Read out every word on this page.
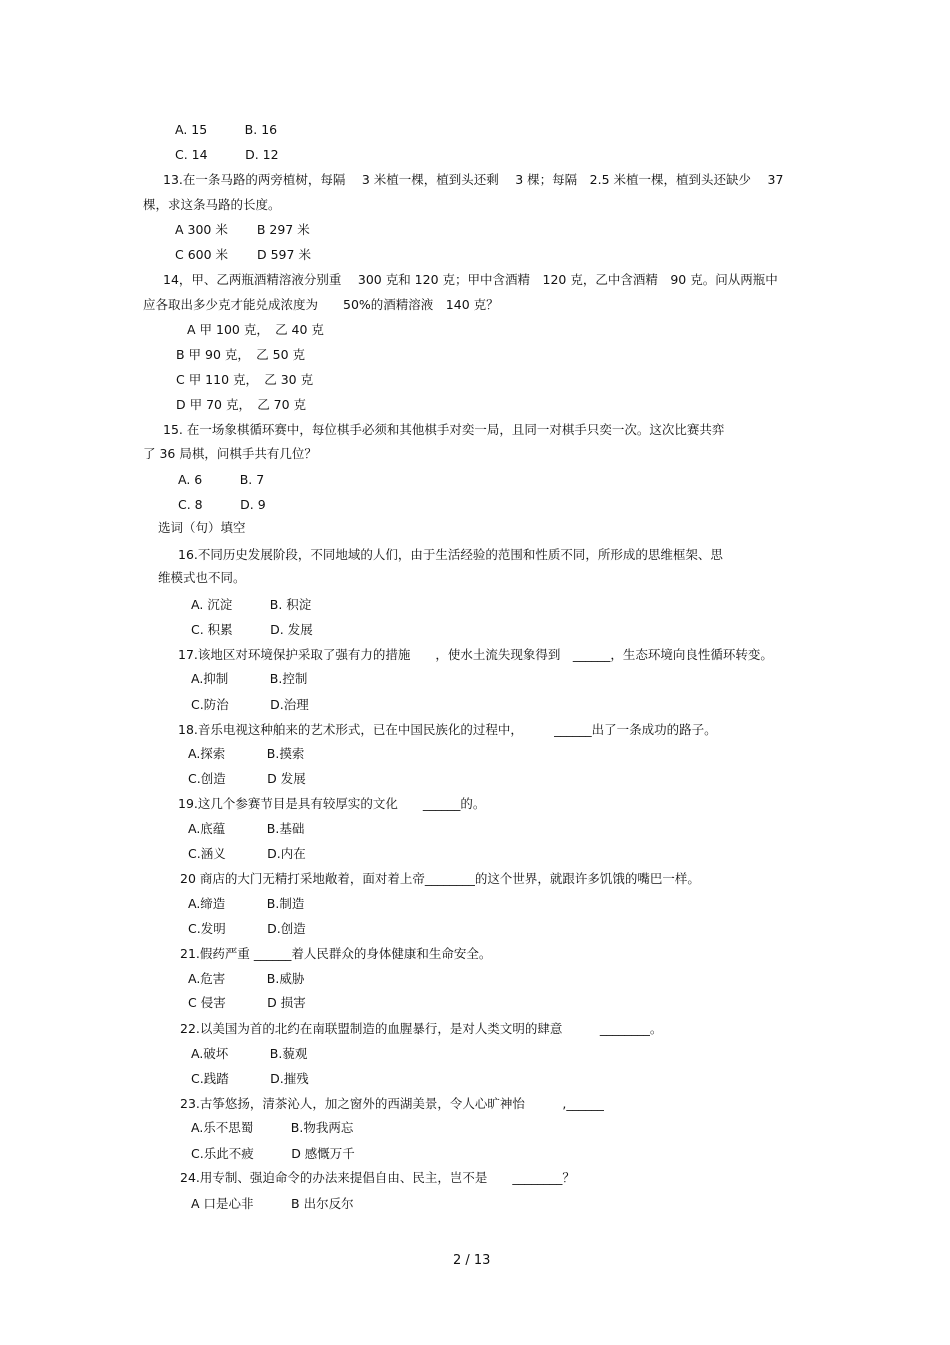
A. 15　　　B. 16
C. 14　　　D. 12
13.在一条马路的两旁植树，每隔　 3 米植一棵，植到头还剩　 3 棵；每隔　2.5 米植一棵，植到头还缺少　 37
棵，求这条马路的长度。
A 300 米　　 B 297 米
C 600 米　　 D 597 米
14，甲、乙两瓶酒精溶液分别重　 300 克和 120 克；甲中含酒精　120 克，乙中含酒精　90 克。问从两瓶中
应各取出多少克才能兑成浓度为　　50%的酒精溶液　140 克？
A 甲 100 克，　乙 40 克
B 甲 90 克，　乙 50 克
C 甲 110 克，　乙 30 克
D 甲 70 克，　乙 70 克
15. 在一场象棋循环赛中，每位棋手必须和其他棋手对奕一局，且同一对棋手只奕一次。这次比赛共弈
了 36 局棋，问棋手共有几位？
A. 6　　　B. 7
C. 8　　　D. 9
选词（句）填空
16.不同历史发展阶段，不同地域的人们，由于生活经验的范围和性质不同，所形成的思维框架、思
维模式也不同。
A. 沉淀　　　B. 积淀
C. 积累　　　D. 发展
17.该地区对环境保护采取了强有力的措施　　，使水土流失现象得到　______，生态环境向良性循环转变。
A.抑制　　　 B.控制
C.防治　　　 D.治理
18.音乐电视这种舶来的艺术形式，已在中国民族化的过程中，　　　______出了一条成功的路子。
A.探索　　　 B.摸索
C.创造　　　 D 发展
19.这几个参赛节目是具有较厚实的文化　　______的。
A.底蕴　　　 B.基础
C.涵义　　　 D.内在
20 商店的大门无精打采地敞着，面对着上帝________的这个世界，就跟许多饥饿的嘴巴一样。
A.缔造　　　 B.制造
C.发明　　　 D.创造
21.假药严重 ______着人民群众的身体健康和生命安全。
A.危害　　　 B.威胁
C 侵害　　　 D 损害
22.以美国为首的北约在南联盟制造的血腥暴行，是对人类文明的肆意　　　________。
A.破坏　　　 B.藐观
C.践踏　　　 D.摧残
23.古筝悠扬，清茶沁人，加之窗外的西湖美景，令人心旷神怡　　　,______
A.乐不思蜀　　　B.物我两忘
C.乐此不疲　　　D 感慨万千
24.用专制、强迫命令的办法来提倡自由、民主，岂不是　　________？
A 口是心非　　　B 出尔反尔
2 / 13
